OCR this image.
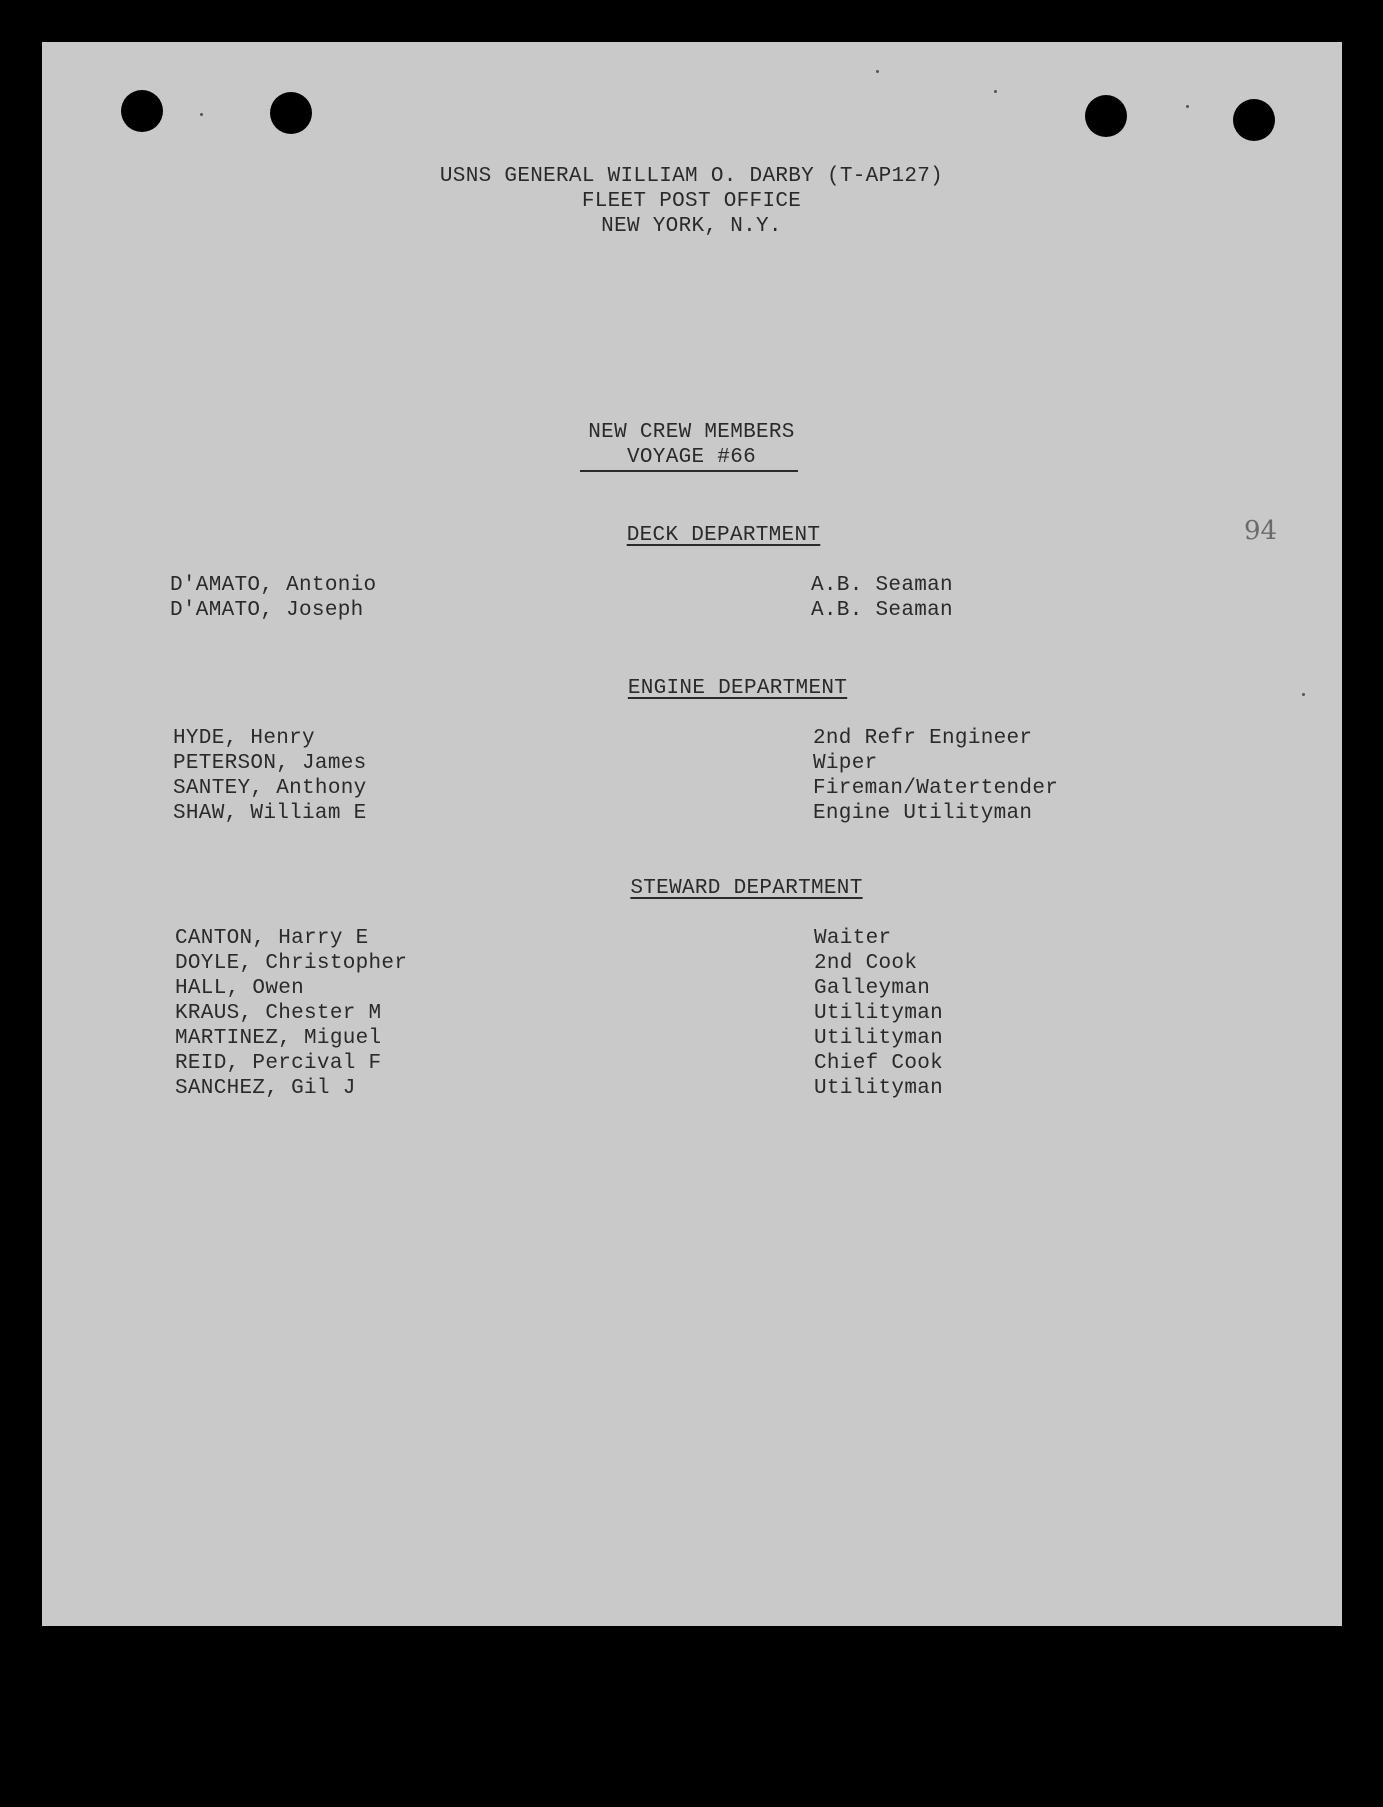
USNS GENERAL WILLIAM O. DARBY (T-AP127)
FLEET POST OFFICE
NEW YORK, N.Y.
NEW CREW MEMBERS
VOYAGE #66
94
DECK DEPARTMENT
D'AMATO, Antonio	A.B. Seaman
D'AMATO, Joseph	A.B. Seaman
ENGINE DEPARTMENT
HYDE, Henry	2nd Refr Engineer
PETERSON, James	Wiper
SANTEY, Anthony	Fireman/Watertender
SHAW, William E	Engine Utilityman
STEWARD DEPARTMENT
CANTON, Harry E	Waiter
DOYLE, Christopher	2nd Cook
HALL, Owen	Galleyman
KRAUS, Chester M	Utilityman
MARTINEZ, Miguel	Utilityman
REID, Percival F	Chief Cook
SANCHEZ, Gil J	Utilityman
